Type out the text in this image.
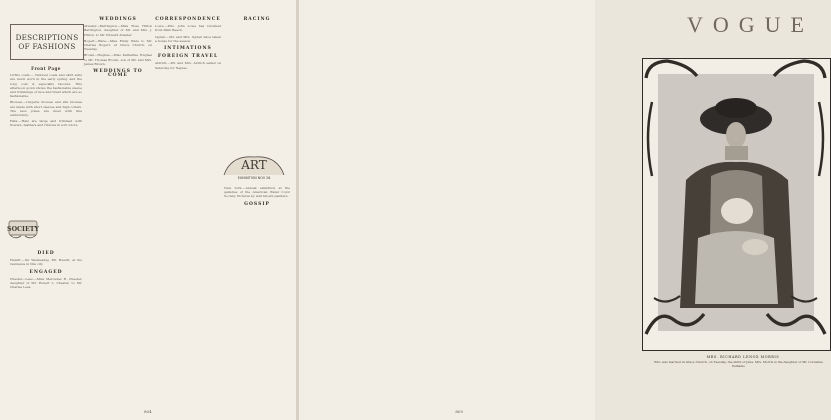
DESCRIPTIONS OF FASHIONS
Front Page

LONG coats.— Tailored coats and skirt suits are much worn in the early spring, and the long coat is especially favored. This afternoon gown shows the fashionable sleeve and trimmings of lace and braid which are so fashionable.

Blouses.—Lingerie blouses and silk blouses are made with short sleeves and high collars. The lace yokes are inset with fine embroidery.

Hats.—Hats are large and trimmed with flowers, feathers and ribbons in soft colors.

SOCIETY
DIED

Hewitt.—On Wednesday, Mr. Hewitt, at his residence in this city.

ENGAGED

Chester—Lees.—Miss Mercedes R. Chester, daughter of Mr. Robert L. Chester, to Mr. Charles Lees.

WEDDINGS

Atwater—Barrington.—Miss Rose Hilton Barrington, daughter of Mr. and Mrs. J. Hilton, to Mr. Edward Atwater.

Bogert—Ware.—Miss Emily Ware to Mr. Charles Bogert, at Grace Church, on Tuesday.

Brown—Hughes.—Miss Katharine Hughes to Mr. Thomas Brown, son of Mr. and Mrs. James Brown.

WEDDINGS TO COME
CORRESPONDENCE

Lowe.—Mrs. John Lowe has returned from Palm Beach.

Ogden.—Mr. and Mrs. Ogden have taken a house for the season.

INTIMATIONS
FOREIGN TRAVEL

Aldrich.—Mr. and Mrs. Aldrich sailed on Saturday for Naples.

RACING
ART
EXHIBITION NOV 26

New York.—Annual exhibition at the galleries of the American Water Color Society. Pictures by well known painters.

GOSSIP
804
VOGUE
MRS. RICHARD LENOX MORRIS
Who was married in Grace Church, on Tuesday, the ninth of June. Mrs. Morris is the daughter of Mr. Cornelius Pelhams
805
